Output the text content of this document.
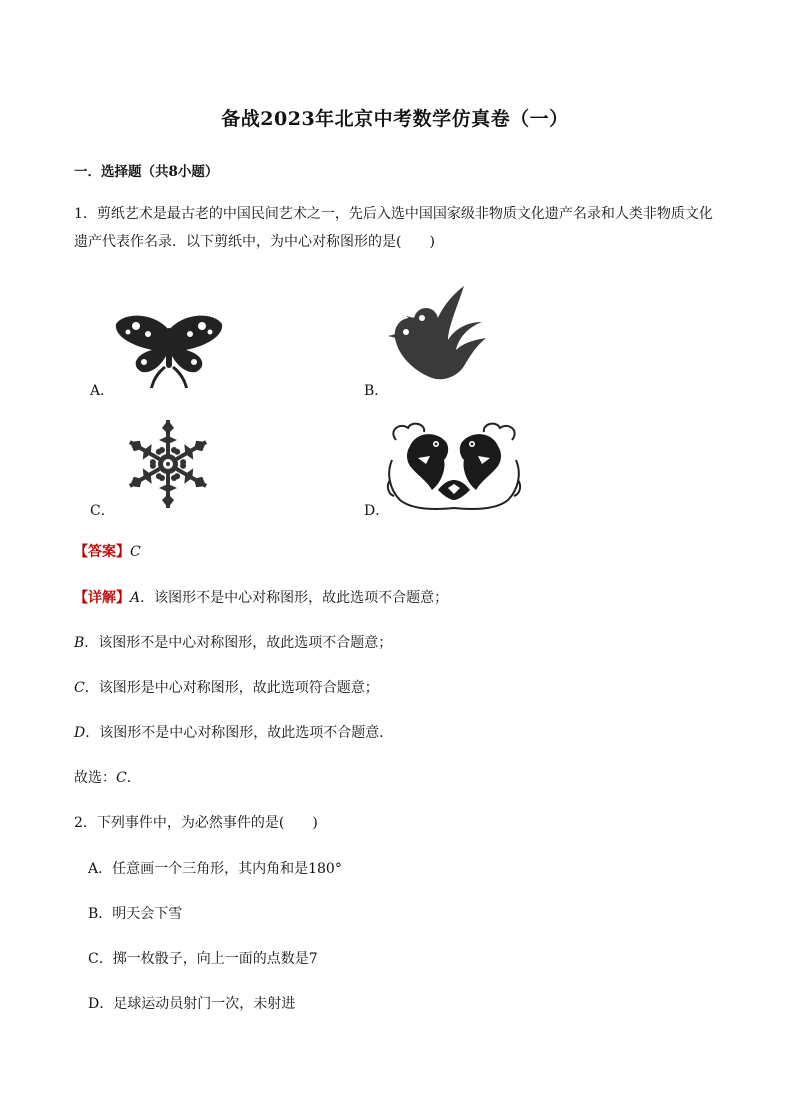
备战2023年北京中考数学仿真卷（一）
一．选择题（共8小题）
1．剪纸艺术是最古老的中国民间艺术之一，先后入选中国国家级非物质文化遗产名录和人类非物质文化遗产代表作名录．以下剪纸中，为中心对称图形的是(　　)
A．	B．
C．	D．
【答案】C
【详解】A．该图形不是中心对称图形，故此选项不合题意；
B．该图形不是中心对称图形，故此选项不合题意；
C．该图形是中心对称图形，故此选项符合题意；
D．该图形不是中心对称图形，故此选项不合题意．
故选：C．
2．下列事件中，为必然事件的是(　　)
A．任意画一个三角形，其内角和是180°
B．明天会下雪
C．掷一枚骰子，向上一面的点数是7
D．足球运动员射门一次，未射进
